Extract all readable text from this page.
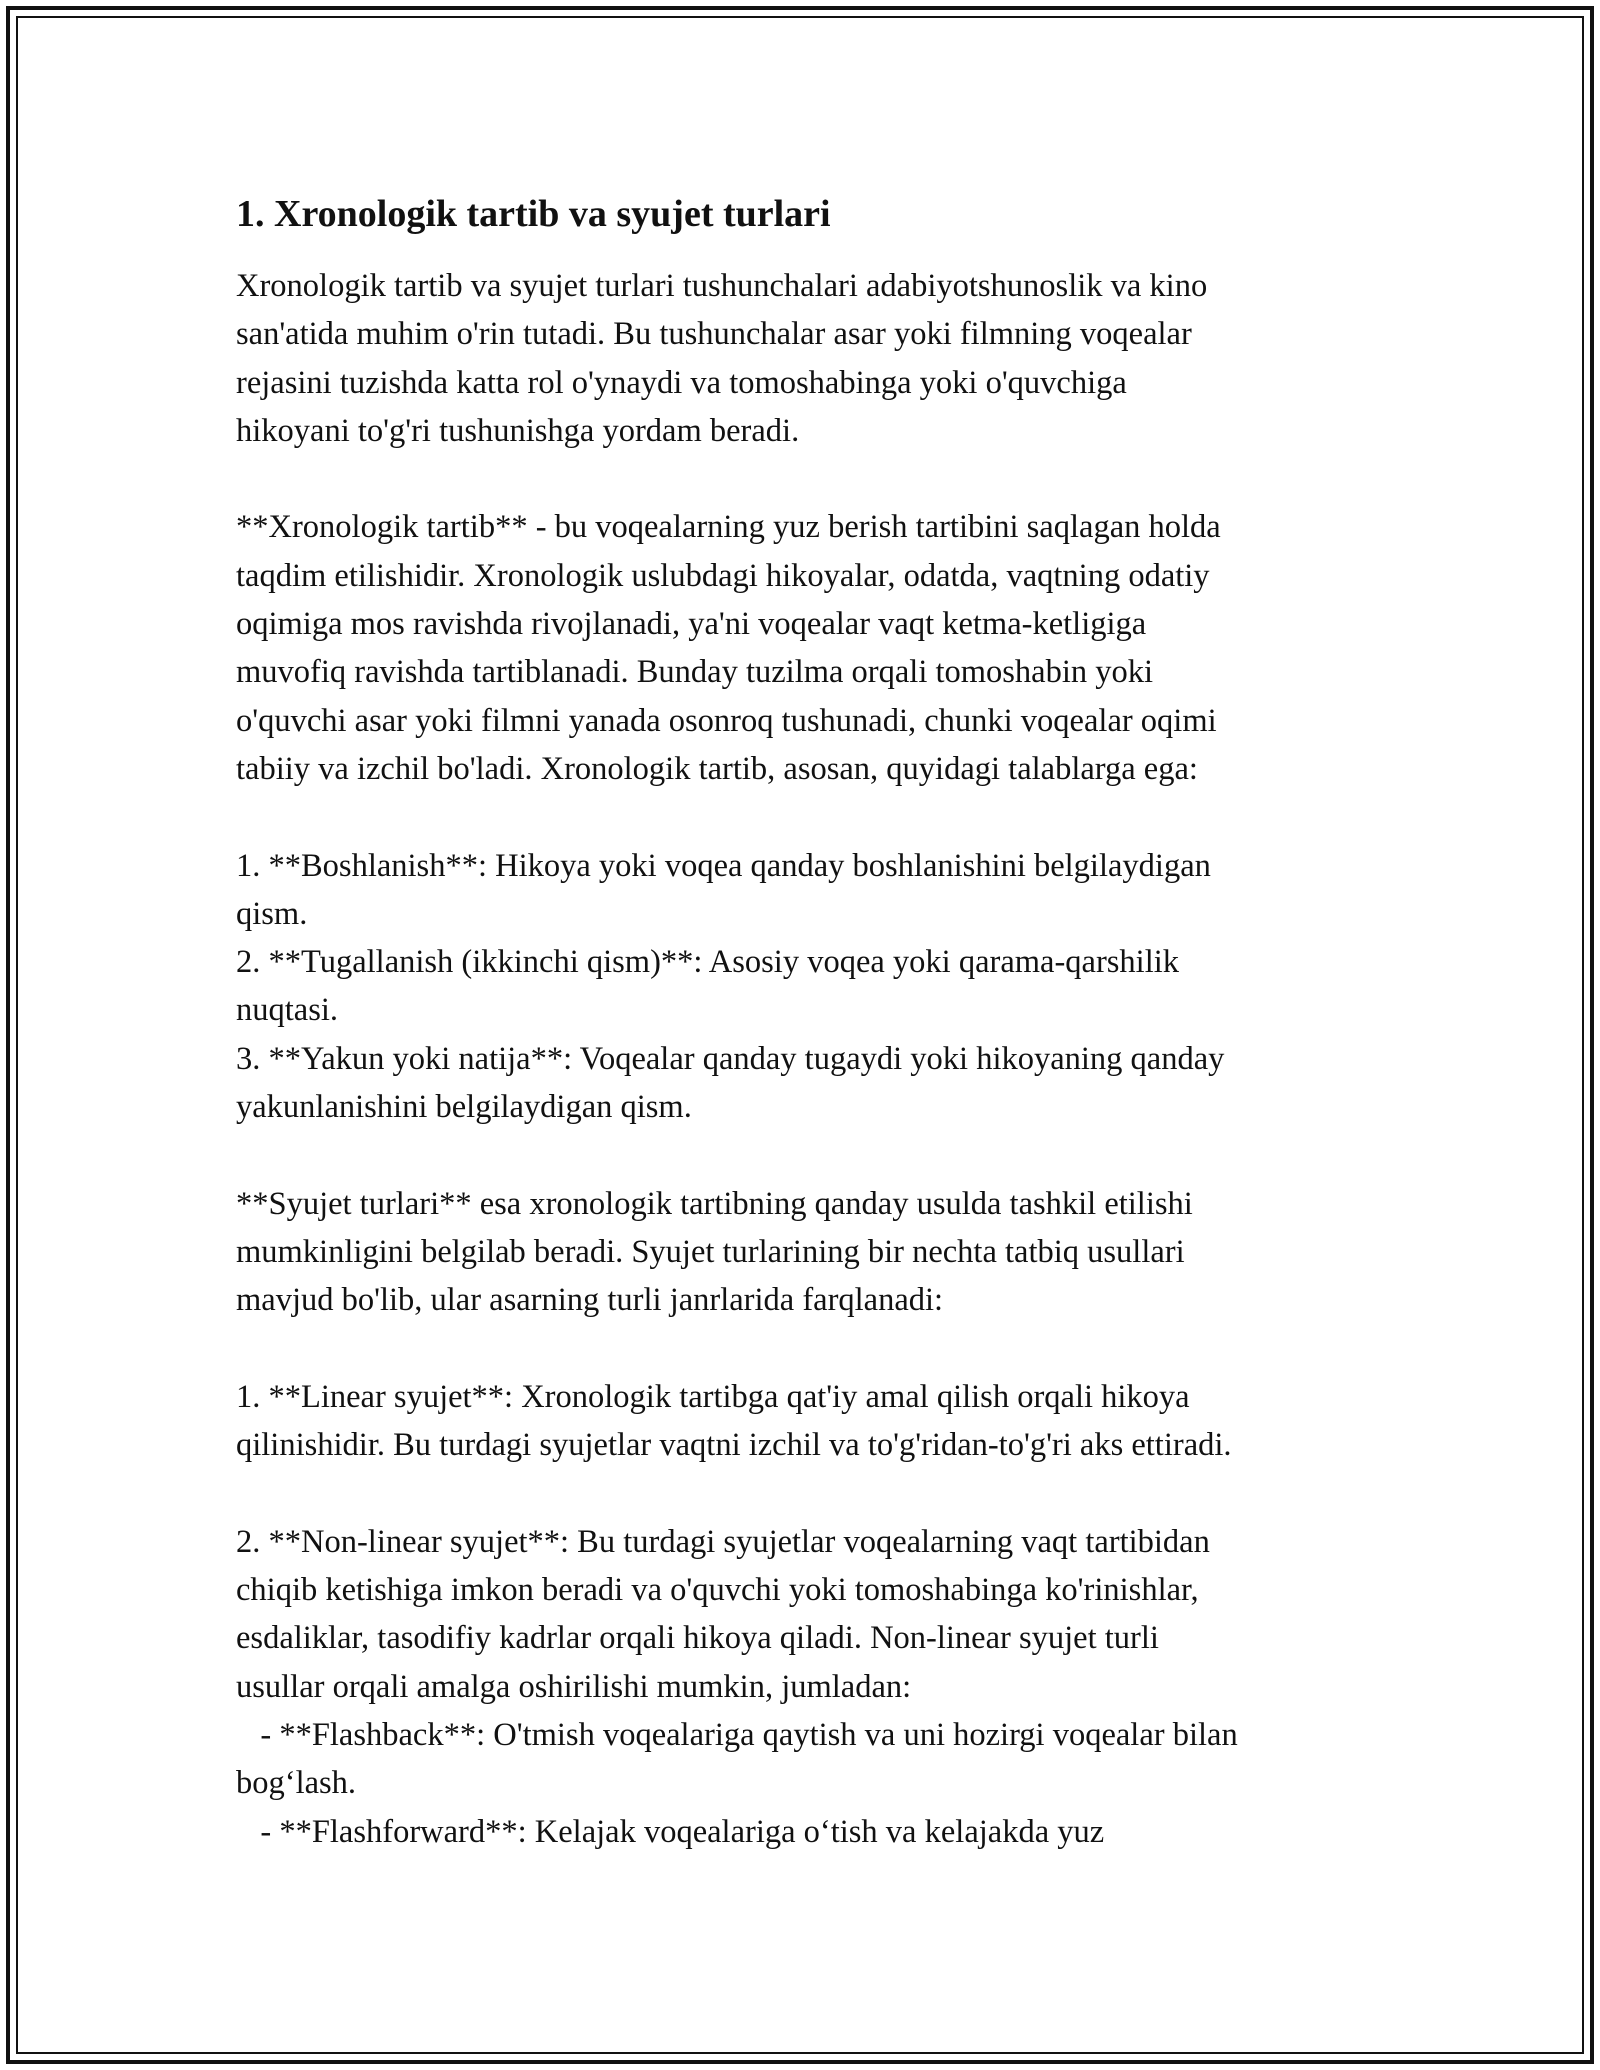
1. Xronologik tartib va syujet turlari

Xronologik tartib va syujet turlari tushunchalari adabiyotshunoslik va kino
san'atida muhim o'rin tutadi. Bu tushunchalar asar yoki filmning voqealar
rejasini tuzishda katta rol o'ynaydi va tomoshabinga yoki o'quvchiga
hikoyani to'g'ri tushunishga yordam beradi.

**Xronologik tartib** - bu voqealarning yuz berish tartibini saqlagan holda
taqdim etilishidir. Xronologik uslubdagi hikoyalar, odatda, vaqtning odatiy
oqimiga mos ravishda rivojlanadi, ya'ni voqealar vaqt ketma-ketligiga
muvofiq ravishda tartiblanadi. Bunday tuzilma orqali tomoshabin yoki
o'quvchi asar yoki filmni yanada osonroq tushunadi, chunki voqealar oqimi
tabiiy va izchil bo'ladi. Xronologik tartib, asosan, quyidagi talablarga ega:

1. **Boshlanish**: Hikoya yoki voqea qanday boshlanishini belgilaydigan
qism.
2. **Tugallanish (ikkinchi qism)**: Asosiy voqea yoki qarama-qarshilik
nuqtasi.
3. **Yakun yoki natija**: Voqealar qanday tugaydi yoki hikoyaning qanday
yakunlanishini belgilaydigan qism.

**Syujet turlari** esa xronologik tartibning qanday usulda tashkil etilishi
mumkinligini belgilab beradi. Syujet turlarining bir nechta tatbiq usullari
mavjud bo'lib, ular asarning turli janrlarida farqlanadi:

1. **Linear syujet**: Xronologik tartibga qat'iy amal qilish orqali hikoya
qilinishidir. Bu turdagi syujetlar vaqtni izchil va to'g'ridan-to'g'ri aks ettiradi.

2. **Non-linear syujet**: Bu turdagi syujetlar voqealarning vaqt tartibidan
chiqib ketishiga imkon beradi va o'quvchi yoki tomoshabinga ko'rinishlar,
esdaliklar, tasodifiy kadrlar orqali hikoya qiladi. Non-linear syujet turli
usullar orqali amalga oshirilishi mumkin, jumladan:
- **Flashback**: O'tmish voqealariga qaytish va uni hozirgi voqealar bilan
bog‘lash.
- **Flashforward**: Kelajak voqealariga o‘tish va kelajakda yuz
